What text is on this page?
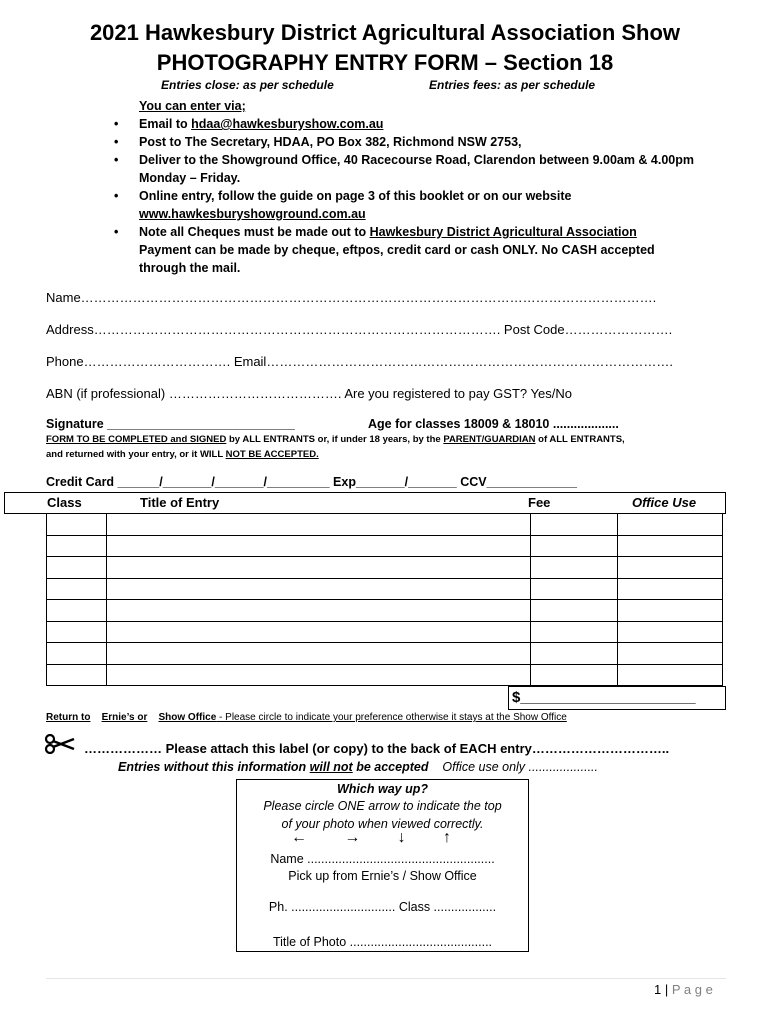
2021 Hawkesbury District Agricultural Association Show
PHOTOGRAPHY ENTRY FORM – Section 18
Entries close: as per schedule	Entries fees: as per schedule
You can enter via;
• Email to hdaa@hawkesburyshow.com.au
• Post to The Secretary, HDAA, PO Box 382, Richmond NSW 2753,
• Deliver to the Showground Office, 40 Racecourse Road, Clarendon between 9.00am & 4.00pm Monday – Friday.
• Online entry, follow the guide on page 3 of this booklet or on our website
www.hawkesburyshowground.com.au
• Note all Cheques must be made out to Hawkesbury District Agricultural Association
Payment can be made by cheque, eftpos, credit card or cash ONLY. No CASH accepted through the mail.
Name…………………………………………………………………………………………………………………….
Address…………………………………………………………………………………. Post Code…………………….
Phone……………………………. Email………………………………………………………………………………….
ABN (if professional) …………………………………. Are you registered to pay GST? Yes/No
Signature ___________________________	Age for classes 18009 & 18010 ...................
FORM TO BE COMPLETED and SIGNED by ALL ENTRANTS or, if under 18 years, by the PARENT/GUARDIAN of ALL ENTRANTS,
and returned with your entry, or it WILL NOT BE ACCEPTED.
Credit Card ______/_______/_______/_________ Exp_______/_______ CCV_____________
Class	Title of Entry	Fee	Office Use

$_____________________
Return to Ernie’s or Show Office - Please circle to indicate your preference otherwise it stays at the Show Office
……………… Please attach this label (or copy) to the back of EACH entry…………………………..
Entries without this information will not be accepted Office use only ....................
Which way up?
Please circle ONE arrow to indicate the top
of your photo when viewed correctly.
← → ↓ ↑
Name ......................................................
Pick up from Ernie’s / Show Office
Ph. .............................. Class ..................
Title of Photo .........................................
1 | P a g e
